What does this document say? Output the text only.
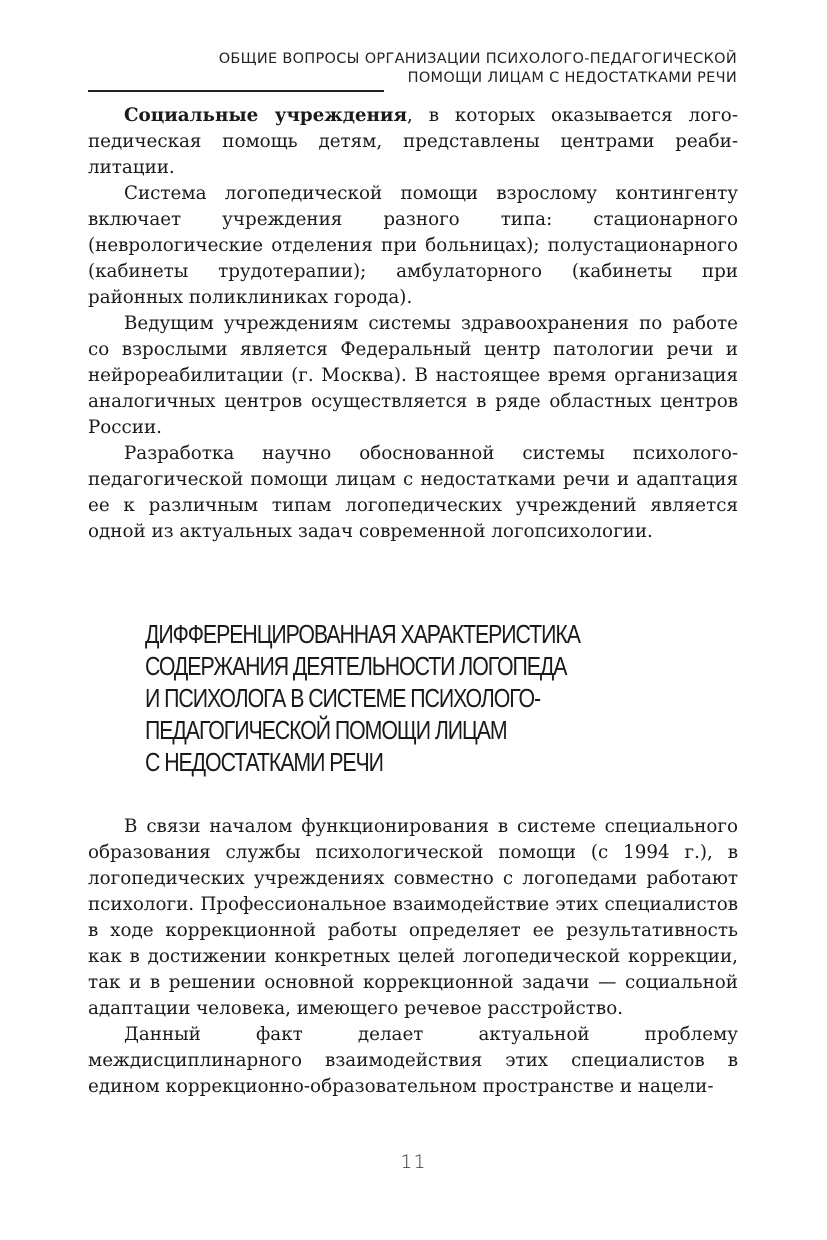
ОБЩИЕ ВОПРОСЫ ОРГАНИЗАЦИИ ПСИХОЛОГО-ПЕДАГОГИЧЕСКОЙ
ПОМОЩИ ЛИЦАМ С НЕДОСТАТКАМИ РЕЧИ

Социальные учреждения, в которых оказывается логопедическая помощь детям, представлены центрами реабилитации.

Система логопедической помощи взрослому контингенту включает учреждения разного типа: стационарного (неврологические отделения при больницах); полустационарного (кабинеты трудотерапии); амбулаторного (кабинеты при районных поликлиниках города).

Ведущим учреждениям системы здравоохранения по работе со взрослыми является Федеральный центр патологии речи и нейрореабилитации (г. Москва). В настоящее время организация аналогичных центров осуществляется в ряде областных центров России.

Разработка научно обоснованной системы психолого-педагогической помощи лицам с недостатками речи и адаптация ее к различным типам логопедических учреждений является одной из актуальных задач современной логопсихологии.

ДИФФЕРЕНЦИРОВАННАЯ ХАРАКТЕРИСТИКА
СОДЕРЖАНИЯ ДЕЯТЕЛЬНОСТИ ЛОГОПЕДА
И ПСИХОЛОГА В СИСТЕМЕ ПСИХОЛОГО-
ПЕДАГОГИЧЕСКОЙ ПОМОЩИ ЛИЦАМ
С НЕДОСТАТКАМИ РЕЧИ

В связи началом функционирования в системе специального образования службы психологической помощи (с 1994 г.), в логопедических учреждениях совместно с логопедами работают психологи. Профессиональное взаимодействие этих специалистов в ходе коррекционной работы определяет ее результативность как в достижении конкретных целей логопедической коррекции, так и в решении основной коррекционной задачи — социальной адаптации человека, имеющего речевое расстройство.

Данный факт делает актуальной проблему междисциплинарного взаимодействия этих специалистов в едином коррекционно-образовательном пространстве и нацели-

11
